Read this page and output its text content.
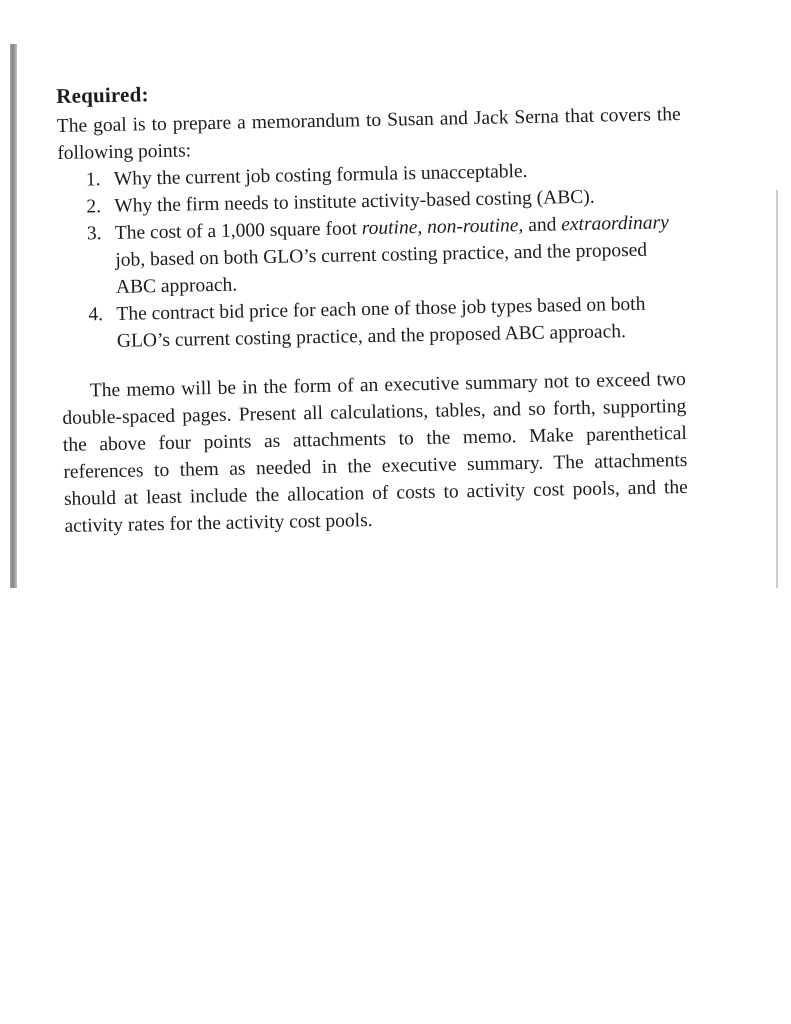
Required:

The goal is to prepare a memorandum to Susan and Jack Serna that covers the following points:

1. Why the current job costing formula is unacceptable.
2. Why the firm needs to institute activity-based costing (ABC).
3. The cost of a 1,000 square foot routine, non-routine, and extraordinary job, based on both GLO’s current costing practice, and the proposed ABC approach.
4. The contract bid price for each one of those job types based on both GLO’s current costing practice, and the proposed ABC approach.

The memo will be in the form of an executive summary not to exceed two double-spaced pages. Present all calculations, tables, and so forth, supporting the above four points as attachments to the memo. Make parenthetical references to them as needed in the executive summary. The attachments should at least include the allocation of costs to activity cost pools, and the activity rates for the activity cost pools.
